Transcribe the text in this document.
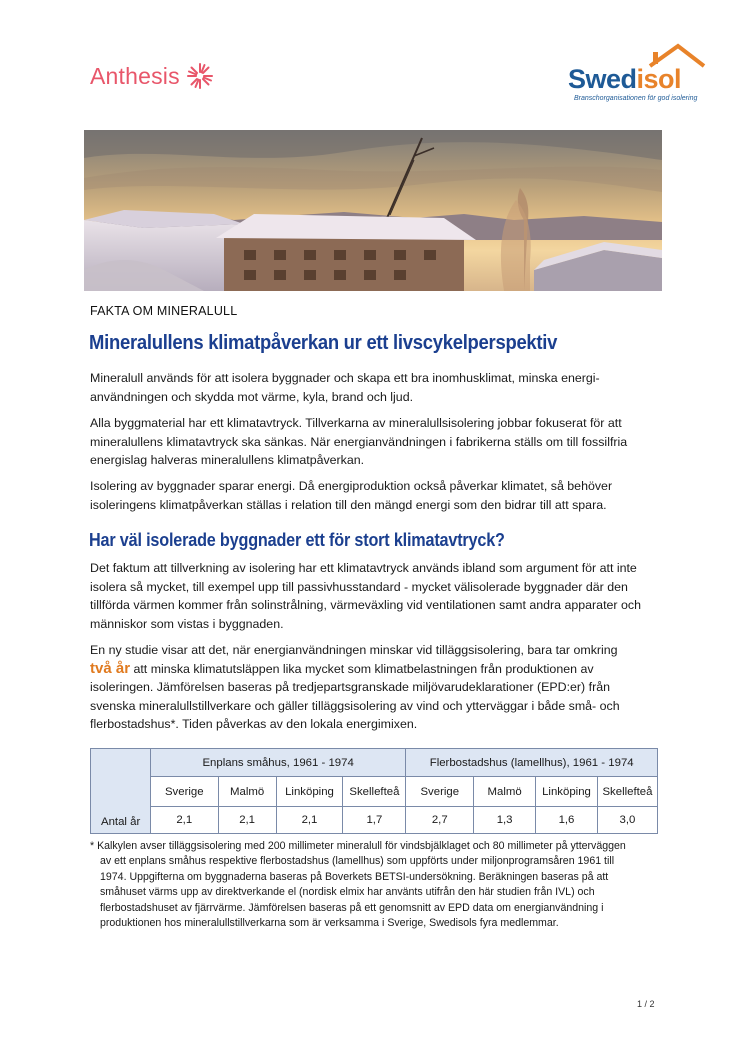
Anthesis	Swedisol
Branschorganisationen för god isolering
FAKTA OM MINERALULL
Mineralullens klimatpåverkan ur ett livscykelperspektiv
Mineralull används för att isolera byggnader och skapa ett bra inomhusklimat, minska energi-
användningen och skydda mot värme, kyla, brand och ljud.
Alla byggmaterial har ett klimatavtryck. Tillverkarna av mineralullsisolering jobbar fokuserat för att
mineralullens klimatavtryck ska sänkas. När energianvändningen i fabrikerna ställs om till fossilfria
energislag halveras mineralullens klimatpåverkan.
Isolering av byggnader sparar energi. Då energiproduktion också påverkar klimatet, så behöver
isoleringens klimatpåverkan ställas i relation till den mängd energi som den bidrar till att spara.
Har väl isolerade byggnader ett för stort klimatavtryck?
Det faktum att tillverkning av isolering har ett klimatavtryck används ibland som argument för att inte
isolera så mycket, till exempel upp till passivhusstandard - mycket välisolerade byggnader där den
tillförda värmen kommer från solinstrålning, värmeväxling vid ventilationen samt andra apparater och
människor som vistas i byggnaden.
En ny studie visar att det, när energianvändningen minskar vid tilläggsisolering, bara tar omkring
två år att minska klimatutsläppen lika mycket som klimatbelastningen från produktionen av
isoleringen. Jämförelsen baseras på tredjepartsgranskade miljövarudeklarationer (EPD:er) från
svenska mineralullstillverkare och gäller tilläggsisolering av vind och ytterväggar i både små- och
flerbostadshus*. Tiden påverkas av den lokala energimixen.
Antal år	Enplans småhus, 1961 - 1974				Flerbostadshus (lamellhus), 1961 - 1974			
	Sverige	Malmö	Linköping	Skellefteå	Sverige	Malmö	Linköping	Skellefteå
	2,1	2,1	2,1	1,7	2,7	1,3	1,6	3,0
* Kalkylen avser tilläggsisolering med 200 millimeter mineralull för vindsbjälklaget och 80 millimeter på ytterväggen
av ett enplans småhus respektive flerbostadshus (lamellhus) som uppförts under miljonprogramsåren 1961 till
1974. Uppgifterna om byggnaderna baseras på Boverkets BETSI-undersökning. Beräkningen baseras på att
småhuset värms upp av direktverkande el (nordisk elmix har använts utifrån den här studien från IVL) och
flerbostadshuset av fjärrvärme. Jämförelsen baseras på ett genomsnitt av EPD data om energianvändning i
produktionen hos mineralullstillverkarna som är verksamma i Sverige, Swedisols fyra medlemmar.
1 / 2
